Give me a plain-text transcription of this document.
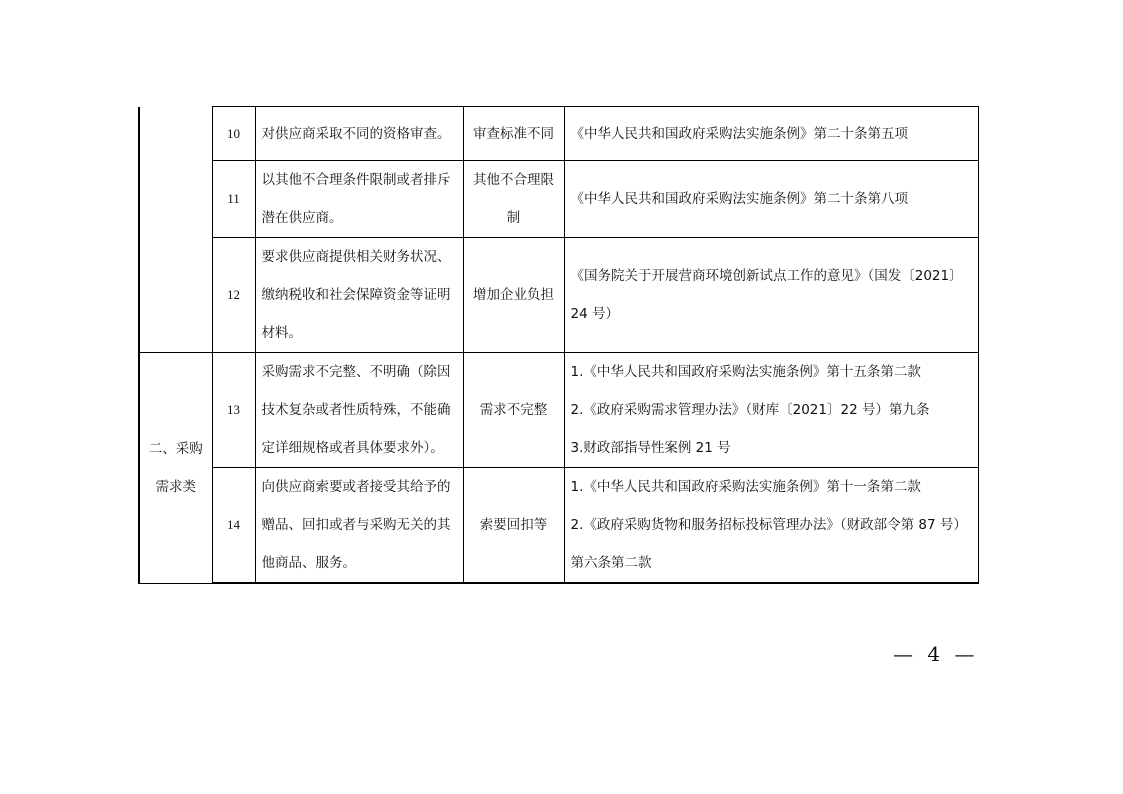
	10	对供应商采取不同的资格审查。	审查标准不同	《中华人民共和国政府采购法实施条例》第二十条第五项

	11	以其他不合理条件限制或者排斥潜在供应商。	其他不合理限制	《中华人民共和国政府采购法实施条例》第二十条第八项

	12	要求供应商提供相关财务状况、缴纳税收和社会保障资金等证明材料。	增加企业负担	《国务院关于开展营商环境创新试点工作的意见》（国发〔2021〕
24 号）

二、采购需求类	13	采购需求不完整、不明确（除因技术复杂或者性质特殊，不能确定详细规格或者具体要求外）。	需求不完整	1.《中华人民共和国政府采购法实施条例》第十五条第二款
2.《政府采购需求管理办法》（财库〔2021〕22 号）第九条
3.财政部指导性案例 21 号

	14	向供应商索要或者接受其给予的赠品、回扣或者与采购无关的其他商品、服务。	索要回扣等	1.《中华人民共和国政府采购法实施条例》第十一条第二款
2.《政府采购货物和服务招标投标管理办法》（财政部令第 87 号）
第六条第二款
— 4 —
